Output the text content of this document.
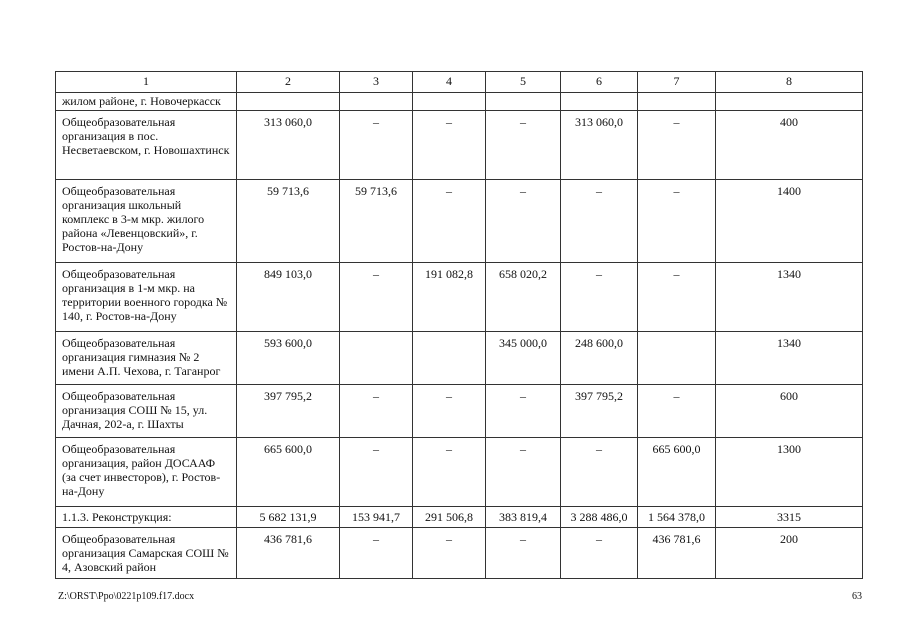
1	2	3	4	5	6	7	8
жилом районе, г. Новочеркасск							
Общеобразовательная организация в пос. Несветаевском, г. Новошахтинск	313 060,0	–	–	–	313 060,0	–	400
Общеобразовательная организация школьный комплекс в 3-м мкр. жилого района «Левенцовский», г. Ростов-на-Дону	59 713,6	59 713,6	–	–	–	–	1400
Общеобразовательная организация в 1-м мкр. на территории военного городка № 140, г. Ростов-на-Дону	849 103,0	–	191 082,8	658 020,2	–	–	1340
Общеобразовательная организация гимназия № 2 имени А.П. Чехова, г. Таганрог	593 600,0			345 000,0	248 600,0		1340
Общеобразовательная организация СОШ № 15, ул. Дачная, 202-а, г. Шахты	397 795,2	–	–	–	397 795,2	–	600
Общеобразовательная организация, район ДОСААФ (за счет инвесторов), г. Ростов-на-Дону	665 600,0	–	–	–	–	665 600,0	1300
1.1.3. Реконструкция:	5 682 131,9	153 941,7	291 506,8	383 819,4	3 288 486,0	1 564 378,0	3315
Общеобразовательная организация Самарская СОШ № 4, Азовский район	436 781,6	–	–	–	–	436 781,6	200
Z:\ORST\Ppo\0221p109.f17.docx	63
